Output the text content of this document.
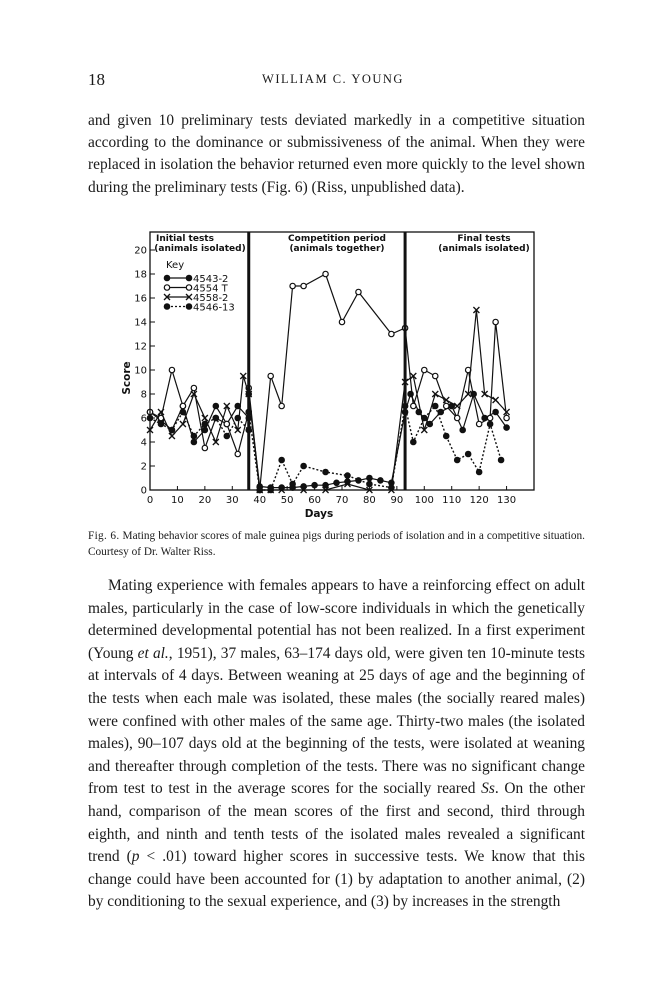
18	WILLIAM C. YOUNG

and given 10 preliminary tests deviated markedly in a competitive situation according to the dominance or submissiveness of the animal. When they were replaced in isolation the behavior returned even more quickly to the level shown during the preliminary tests (Fig. 6) (Riss, unpublished data).

Score
Days
0
2
4
6
8
10
12
14
16
18
20
0 10 20 30 40 50 60 70 80 90 100 110 120 130
Initial tests
(animals isolated)
Competition period
(animals together)
Final tests
(animals isolated)
Key
4543-2
4554 T
4558-2
4546-13

Fig. 6. Mating behavior scores of male guinea pigs during periods of isolation and in a competitive situation. Courtesy of Dr. Walter Riss.

Mating experience with females appears to have a reinforcing effect on adult males, particularly in the case of low-score individuals in which the genetically determined developmental potential has not been realized. In a first experiment (Young et al., 1951), 37 males, 63–174 days old, were given ten 10-minute tests at intervals of 4 days. Between weaning at 25 days of age and the beginning of the tests when each male was isolated, these males (the socially reared males) were confined with other males of the same age. Thirty-two males (the isolated males), 90–107 days old at the beginning of the tests, were isolated at weaning and thereafter through completion of the tests. There was no significant change from test to test in the average scores for the socially reared Ss. On the other hand, comparison of the mean scores of the first and second, third through eighth, and ninth and tenth tests of the isolated males revealed a significant trend (p < .01) toward higher scores in successive tests. We know that this change could have been accounted for (1) by adaptation to another animal, (2) by conditioning to the sexual experience, and (3) by increases in the strength
